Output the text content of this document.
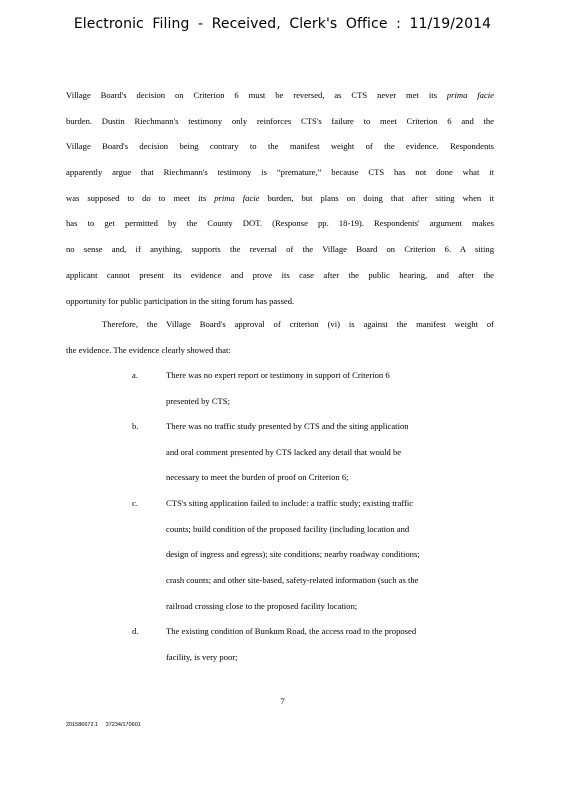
Electronic Filing - Received, Clerk's Office : 11/19/2014
Village Board's decision on Criterion 6 must be reversed, as CTS never met its prima facie
burden. Dustin Riechmann's testimony only reinforces CTS's failure to meet Criterion 6 and the
Village Board's decision being contrary to the manifest weight of the evidence. Respondents
apparently argue that Riechmann's testimony is “premature,” because CTS has not done what it
was supposed to do to meet its prima facie burden, but plans on doing that after siting when it
has to get permitted by the County DOT. (Response pp. 18-19). Respondents' argument makes
no sense and, if anything, supports the reversal of the Village Board on Criterion 6. A siting
applicant cannot present its evidence and prove its case after the public hearing, and after the
opportunity for public participation in the siting forum has passed.
Therefore, the Village Board's approval of criterion (vi) is against the manifest weight of
the evidence. The evidence clearly showed that:
a.	There was no expert report or testimony in support of Criterion 6
presented by CTS;
b.	There was no traffic study presented by CTS and the siting application
and oral comment presented by CTS lacked any detail that would be
necessary to meet the burden of proof on Criterion 6;
c.	CTS's siting application failed to include: a traffic study; existing traffic
counts; build condition of the proposed facility (including location and
design of ingress and egress); site conditions; nearby roadway conditions;
crash counts; and other site-based, safety-related information (such as the
railroad crossing close to the proposed facility location;
d.	The existing condition of Bunkum Road, the access road to the proposed
facility, is very poor;
7
201586672.1 37234/170601
